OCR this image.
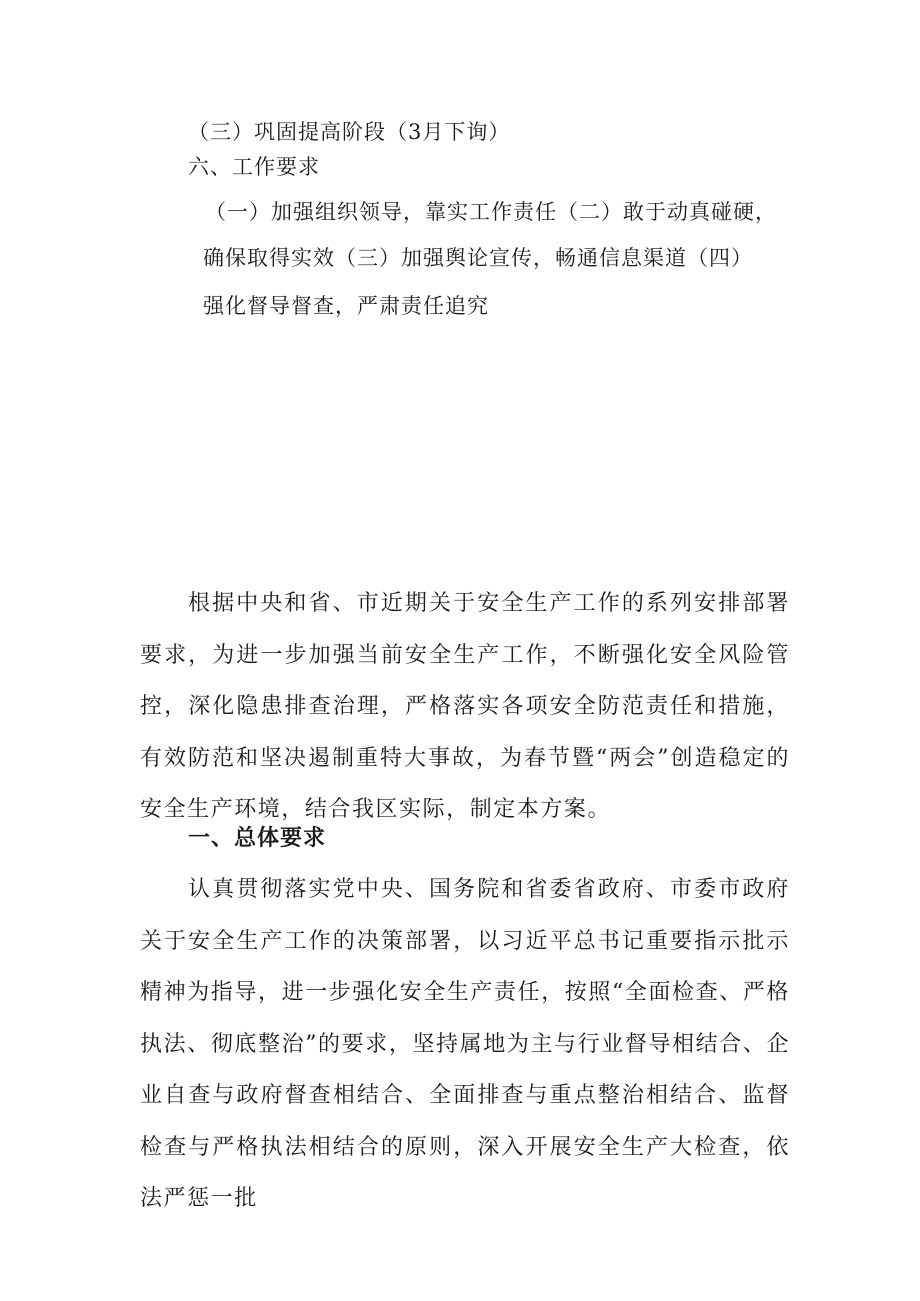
（三）巩固提高阶段（3月下询）
六、工作要求
（一）加强组织领导，靠实工作责任（二）敢于动真碰硬，
确保取得实效（三）加强舆论宣传，畅通信息渠道（四）
强化督导督查，严肃责任追究
根据中央和省、市近期关于安全生产工作的系列安排部署要求，为进一步加强当前安全生产工作，不断强化安全风险管控，深化隐患排查治理，严格落实各项安全防范责任和措施，有效防范和坚决遏制重特大事故，为春节暨“两会”创造稳定的安全生产环境，结合我区实际，制定本方案。
一、总体要求
认真贯彻落实党中央、国务院和省委省政府、市委市政府关于安全生产工作的决策部署，以习近平总书记重要指示批示精神为指导，进一步强化安全生产责任，按照“全面检查、严格执法、彻底整治”的要求，坚持属地为主与行业督导相结合、企业自查与政府督查相结合、全面排查与重点整治相结合、监督检查与严格执法相结合的原则，深入开展安全生产大检查，依法严惩一批
